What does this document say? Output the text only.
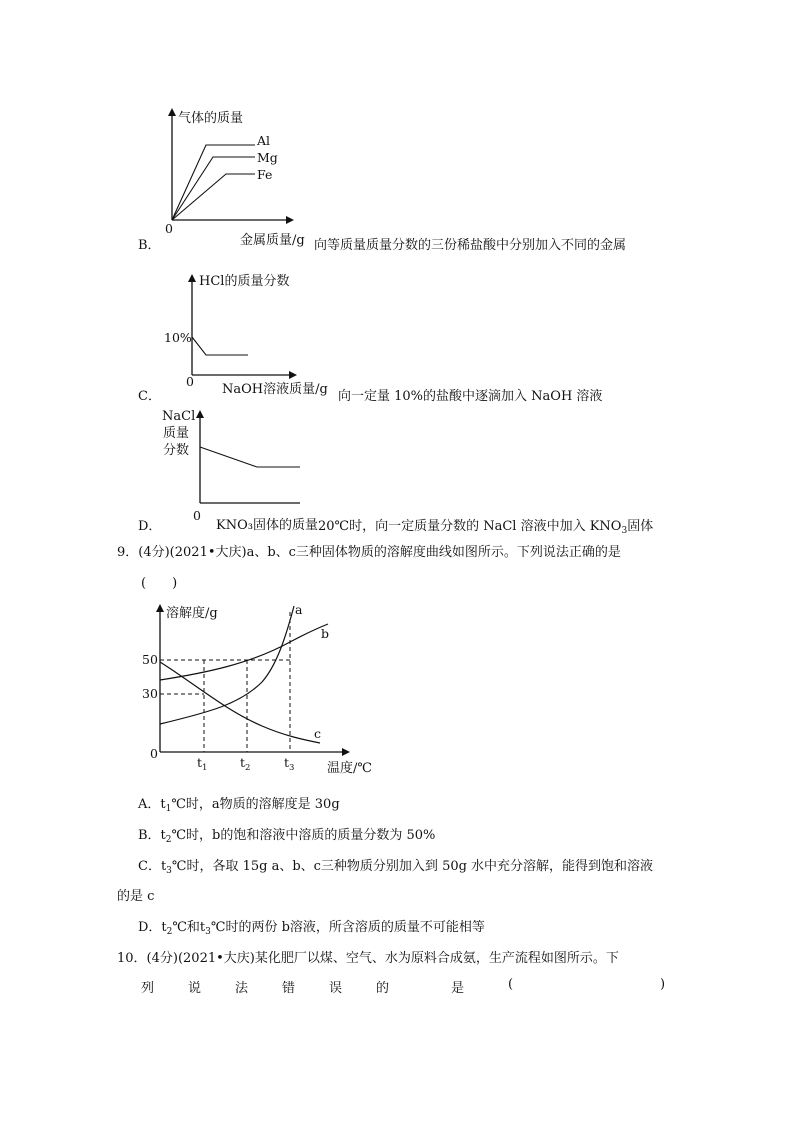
气体的质量
Al
Mg
Fe
0
B．	金属质量/g 向等质量质量分数的三份稀盐酸中分别加入不同的金属
HCl的质量分数
10%
0
C．	NaOH溶液质量/g 向一定量 10%的盐酸中逐滴加入 NaOH 溶液
NaCl
质量
分数
0
D．	KNO₃固体的质量 20℃时，向一定质量分数的 NaCl 溶液中加入 $KNO_3$固体
9．(4分)(2021•大庆)a、b、c三种固体物质的溶解度曲线如图所示。下列说法正确的是
(　　)
溶解度/g
50
30
0
a
b
c
$t_1$	$t_2$	$t_3$	温度/℃
A．$t_1℃$时，a物质的溶解度是 30g
B．$t_2℃$时，b的饱和溶液中溶质的质量分数为 50%
C．$t_3℃$时，各取 15g a、b、c三种物质分别加入到 50g 水中充分溶解，能得到饱和溶液
的是 c
D．$t_2℃$和$t_3℃$时的两份 b溶液，所含溶质的质量不可能相等
10．(4分)(2021•大庆)某化肥厂以煤、空气、水为原料合成氨，生产流程如图所示。下
列	说	法	错	误	的	是	(	)
